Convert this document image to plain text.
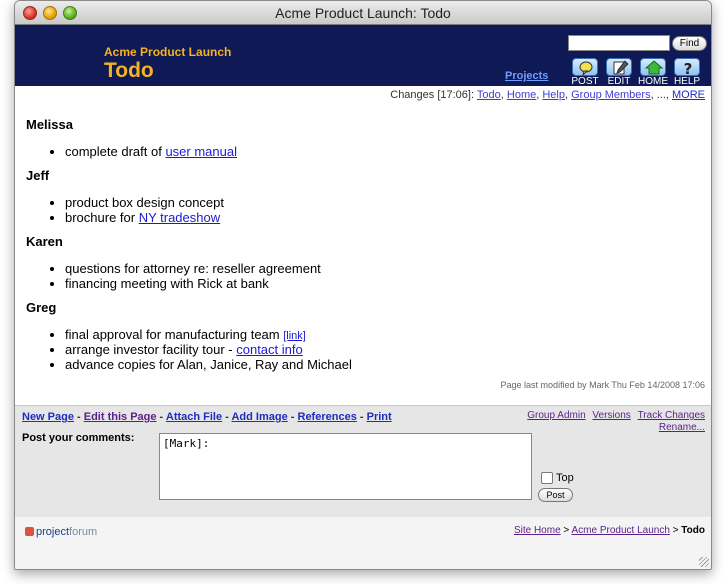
Acme Product Launch: Todo
Acme Product Launch
Todo
Find
Projects	POST EDIT HOME
?
HELP
Changes [17:06]: Todo, Home, Help, Group Members, ..., MORE
Melissa
complete draft of user manual
Jeff
product box design concept
brochure for NY tradeshow
Karen
questions for attorney re: reseller agreement
financing meeting with Rick at bank
Greg
final approval for manufacturing team [link]
arrange investor facility tour - contact info
advance copies for Alan, Janice, Ray and Michael
Page last modified by Mark Thu Feb 14/2008 17:06
New Page - Edit this Page - Attach File - Add Image - References - Print	Group Admin Versions Track Changes
Rename...
Post your comments:
[Mark]:
Top
Post
projectforum	Site Home > Acme Product Launch > Todo
